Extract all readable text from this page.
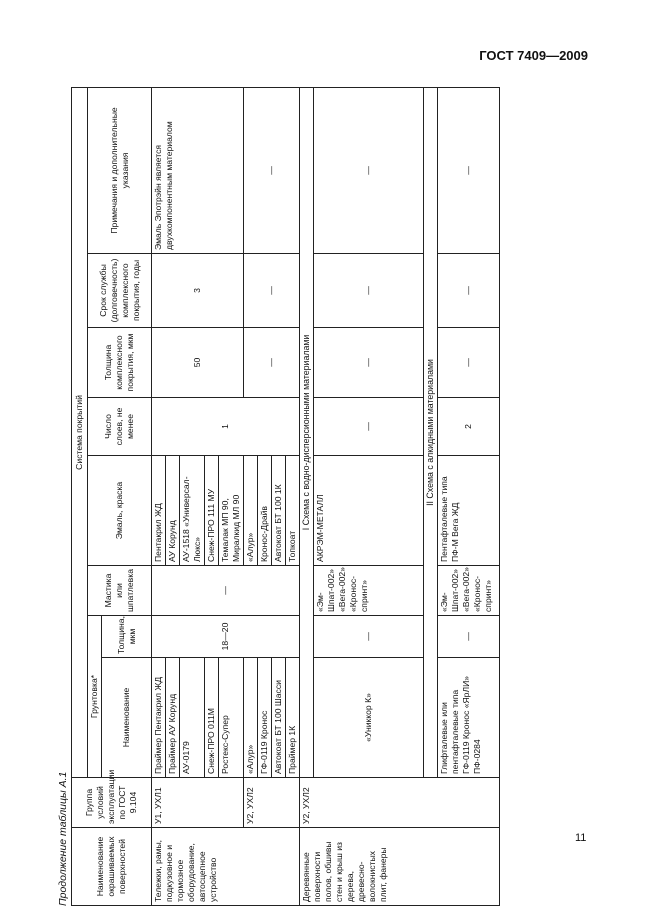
ГОСТ 7409—2009
Продолжение таблицы А.1	Наименование окрашиваемых поверхностей	Группа условий эксплуатации по ГОСТ 9.104	Система покрытий							
		Грунтовка*		Мастика или шпатлевка	Эмаль, краска	Число слоев, не менее	Толщина комплексного покрытия, мкм	Срок службы (долговечность) комплексного покрытия, годы	Примечания и дополнительные указания
		Наименование	Толщина, мкм						
Тележки, рамы, подкузовное и тормозное оборудование, автосцепное устройство	У1, УХЛ1	Праймер Пентакрил ЖД	18—20	—	Пентакрил ЖД	1	50	3	Эмаль Эпотрэйн является двухкомпонентным материалом
		Праймер АУ Корунд			АУ Корунд				
		АУ-0179			АУ-1518 «Универсал-Люкс»				
		Снеж-ПРО 011М			Снеж-ПРО 111 МУ				
		Ростекс-Супер			Темалак МП 90, Миралкид МЛ 90				
	У2, УХЛ2	«Алур»			«Алур»		—	—	—
		ГФ-0119 Кронос			Кронос-Драйв				
		Автокоат БТ 100 Шасси			Автокоат БТ 100 1К				
		Праймер 1К			Топкоат				
Деревянные поверхности полов, обшивы стен и крыш из дерева, древесно-волокнистых плит, фанеры	У2, УХЛ2	I Схема с водно-дисперсионными материалами							
		«Униккор К»	—	«Эм-Шпат-002» «Вега-002» «Кронос-спринт»	АКРЭМ-МЕТАЛЛ	—	—	—	—
		II Схема с алкидными материалами							
		Глифталевые или пентафталевые типа ГФ-0119 Кронос «ЯрЛИ» ПФ-0284	—	«Эм-Шпат-002» «Вега-002» «Кронос-спринт»	Пентафталевые типа ПФ-М Вега ЖД	2	—	—	—
11
